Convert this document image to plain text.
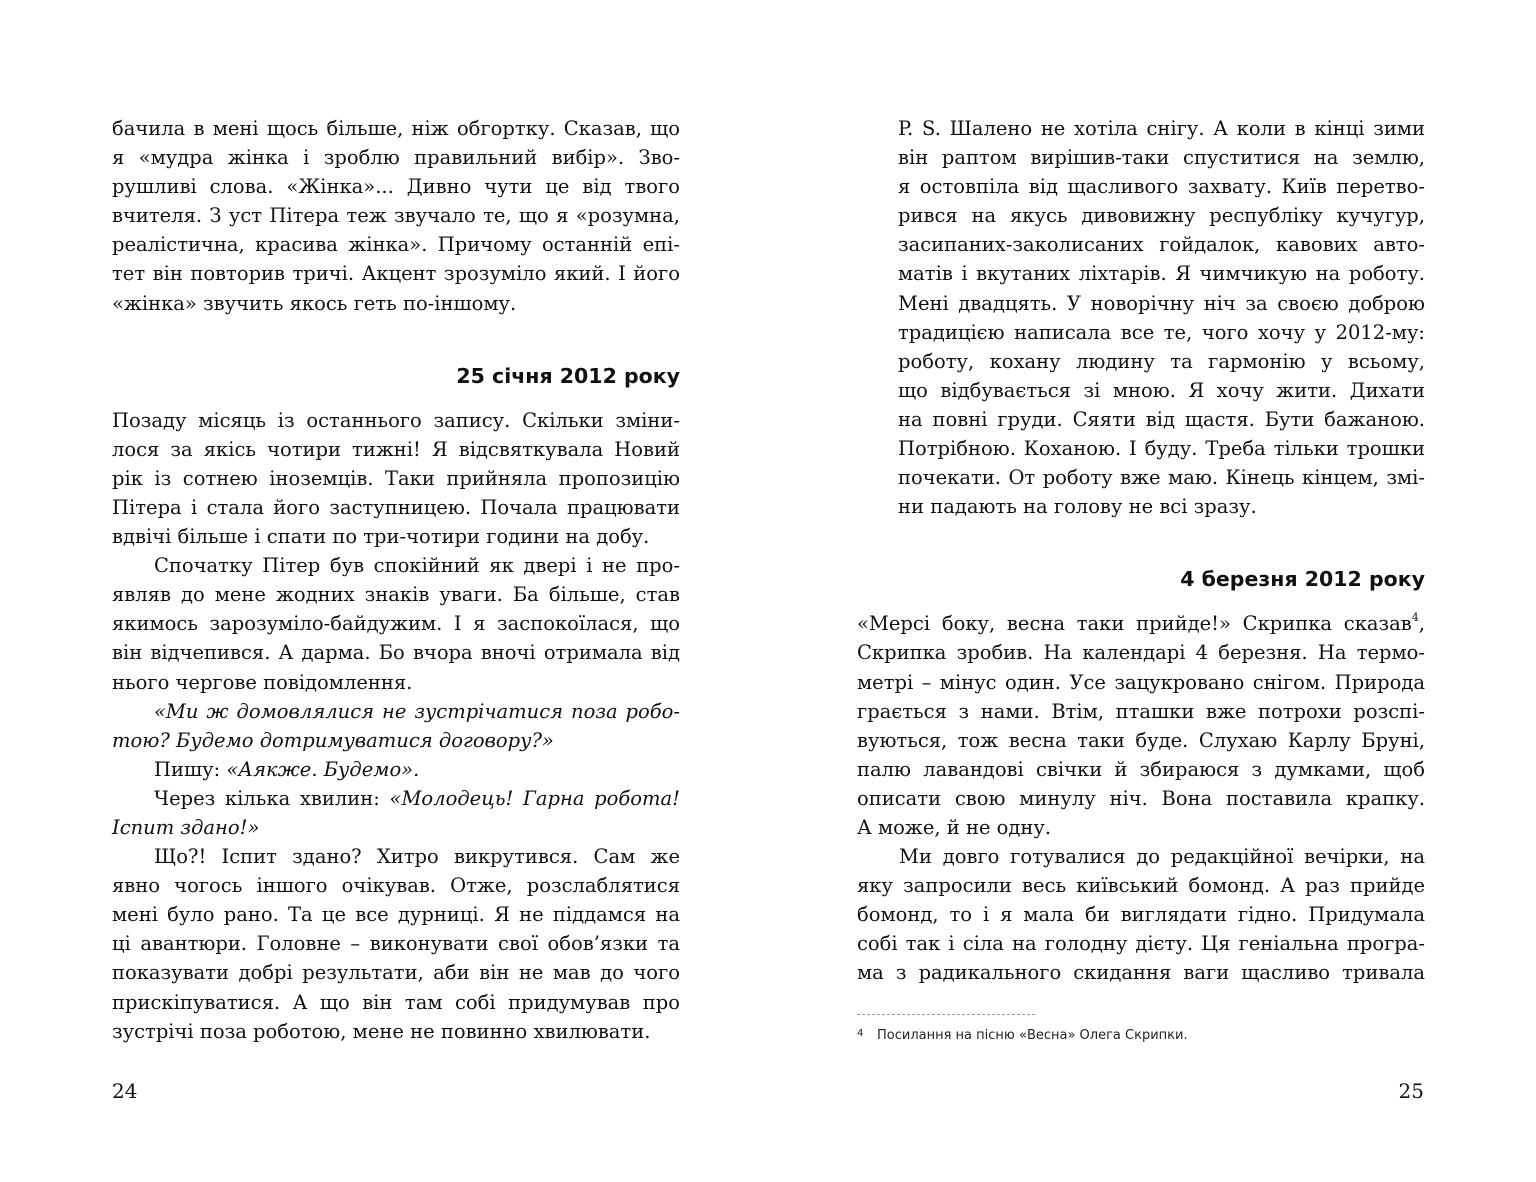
бачила в мені щось більше, ніж обгортку. Сказав, що
я «мудра жінка і зроблю правильний вибір». Зво-
рушливі слова. «Жінка»... Дивно чути це від твого
вчителя. З уст Пітера теж звучало те, що я «розумна,
реалістична, красива жінка». Причому останній епі-
тет він повторив тричі. Акцент зрозуміло який. І його
«жінка» звучить якось геть по-іншому.
25 січня 2012 року
Позаду місяць із останнього запису. Скільки зміни-
лося за якісь чотири тижні! Я відсвяткувала Новий
рік із сотнею іноземців. Таки прийняла пропозицію
Пітера і стала його заступницею. Почала працювати
вдвічі більше і спати по три-чотири години на добу.
Спочатку Пітер був спокійний як двері і не про-
являв до мене жодних знаків уваги. Ба більше, став
якимось зарозуміло-байдужим. І я заспокоїлася, що
він відчепився. А дарма. Бо вчора вночі отримала від
нього чергове повідомлення.
«Ми ж домовлялися не зустрічатися поза робо-
тою? Будемо дотримуватися договору?»
Пишу: «Аякже. Будемо».
Через кілька хвилин: «Молодець! Гарна робота!
Іспит здано!»
Що?! Іспит здано? Хитро викрутився. Сам же
явно чогось іншого очікував. Отже, розслаблятися
мені було рано. Та це все дурниці. Я не піддамся на
ці авантюри. Головне – виконувати свої обов’язки та
показувати добрі результати, аби він не мав до чого
прискіпуватися. А що він там собі придумував про
зустрічі поза роботою, мене не повинно хвилювати.
24
P. S. Шалено не хотіла снігу. А коли в кінці зими
він раптом вирішив-таки спуститися на землю,
я остовпіла від щасливого захвату. Київ перетво-
рився на якусь дивовижну республіку кучугур,
засипаних-заколисаних гойдалок, кавових авто-
матів і вкутаних ліхтарів. Я чимчикую на роботу.
Мені двадцять. У новорічну ніч за своєю доброю
традицією написала все те, чого хочу у 2012-му:
роботу, кохану людину та гармонію у всьому,
що відбувається зі мною. Я хочу жити. Дихати
на повні груди. Сяяти від щастя. Бути бажаною.
Потрібною. Коханою. І буду. Треба тільки трошки
почекати. От роботу вже маю. Кінець кінцем, змі-
ни падають на голову не всі зразу.
4 березня 2012 року
«Мерсі боку, весна таки прийде!» Скрипка сказав$^4$,
Скрипка зробив. На календарі 4 березня. На термо-
метрі – мінус один. Усе зацукровано снігом. Природа
грається з нами. Втім, пташки вже потрохи розспі-
вуються, тож весна таки буде. Слухаю Карлу Бруні,
палю лавандові свічки й збираюся з думками, щоб
описати свою минулу ніч. Вона поставила крапку.
А може, й не одну.
Ми довго готувалися до редакційної вечірки, на
яку запросили весь київський бомонд. А раз прийде
бомонд, то і я мала би виглядати гідно. Придумала
собі так і сіла на голодну дієту. Ця геніальна програ-
ма з радикального скидання ваги щасливо тривала
4 Посилання на пісню «Весна» Олега Скрипки.
25
